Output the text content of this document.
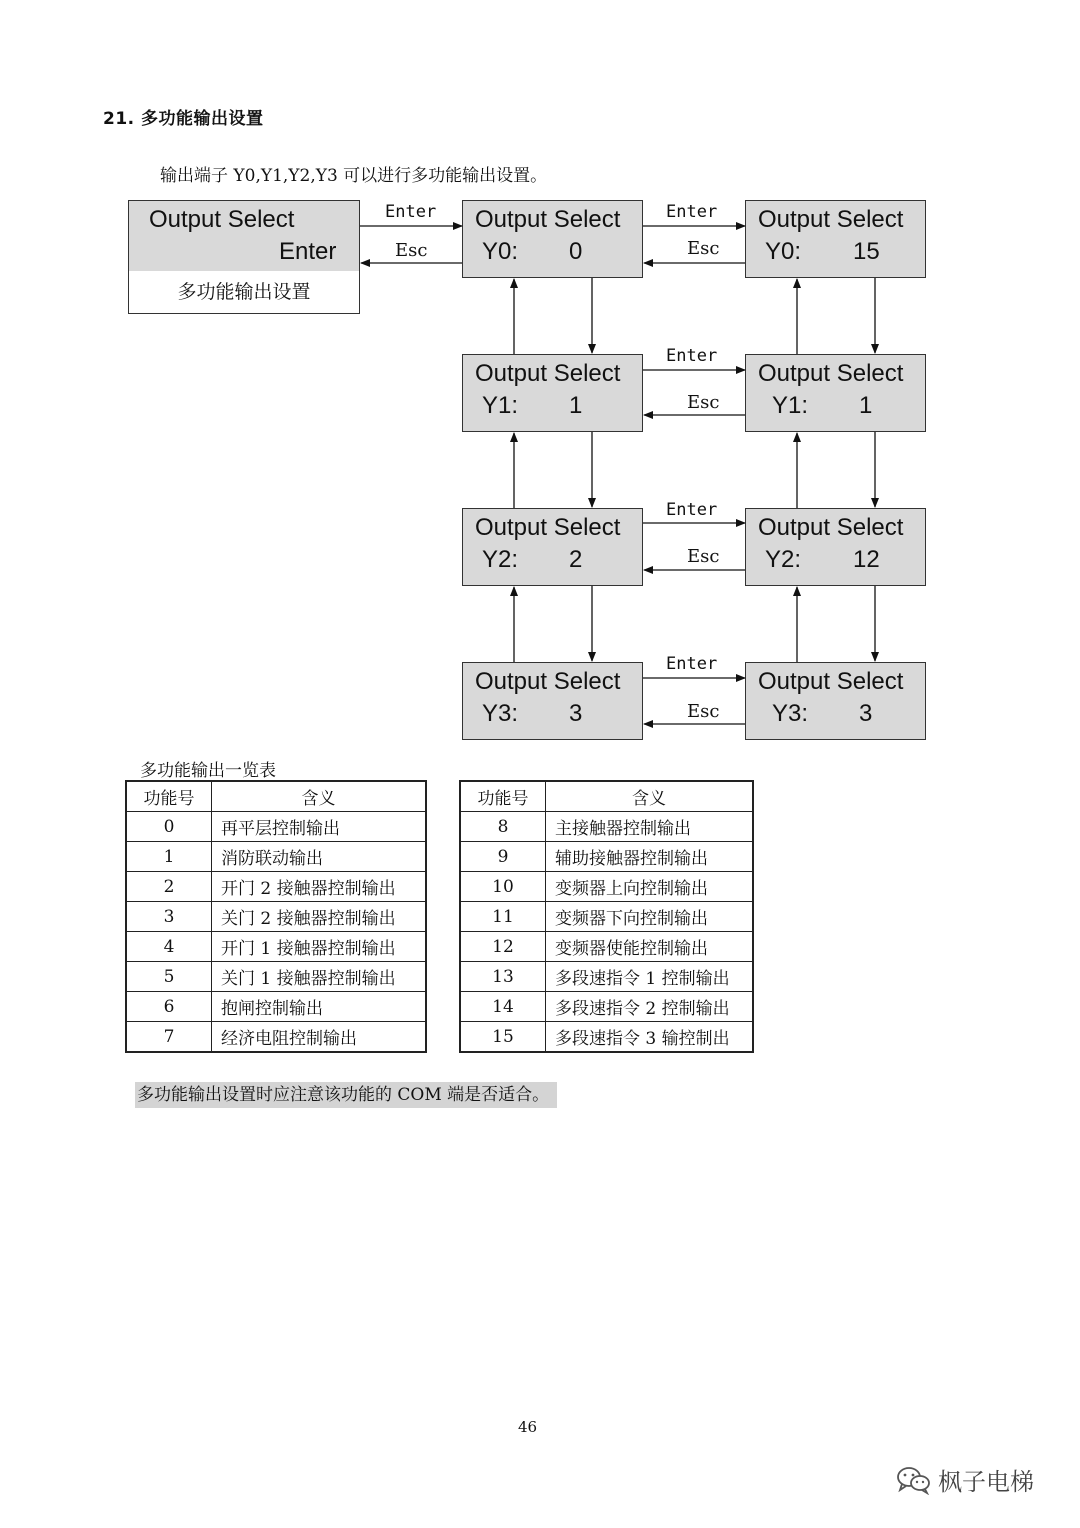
21. 多功能输出设置
输出端子 Y0,Y1,Y2,Y3 可以进行多功能输出设置。
Output Select
Enter
多功能输出设置
Output Select
Y0: 0
Output Select
Y1: 1
Output Select
Y2: 2
Output Select
Y3: 3
Output Select
Y0: 15
Output Select
Y1: 1
Output Select
Y2: 12
Output Select
Y3: 3
Enter
Esc
Enter
Esc
Enter
Esc
Enter
Esc
Enter
Esc
多功能输出一览表
功能号	含义
0	再平层控制输出
1	消防联动输出
2	开门 2 接触器控制输出
3	关门 2 接触器控制输出
4	开门 1 接触器控制输出
5	关门 1 接触器控制输出
6	抱闸控制输出
7	经济电阻控制输出
功能号	含义
8	主接触器控制输出
9	辅助接触器控制输出
10	变频器上向控制输出
11	变频器下向控制输出
12	变频器使能控制输出
13	多段速指令 1 控制输出
14	多段速指令 2 控制输出
15	多段速指令 3 输控制出
多功能输出设置时应注意该功能的 COM 端是否适合。
46
枫子电梯
